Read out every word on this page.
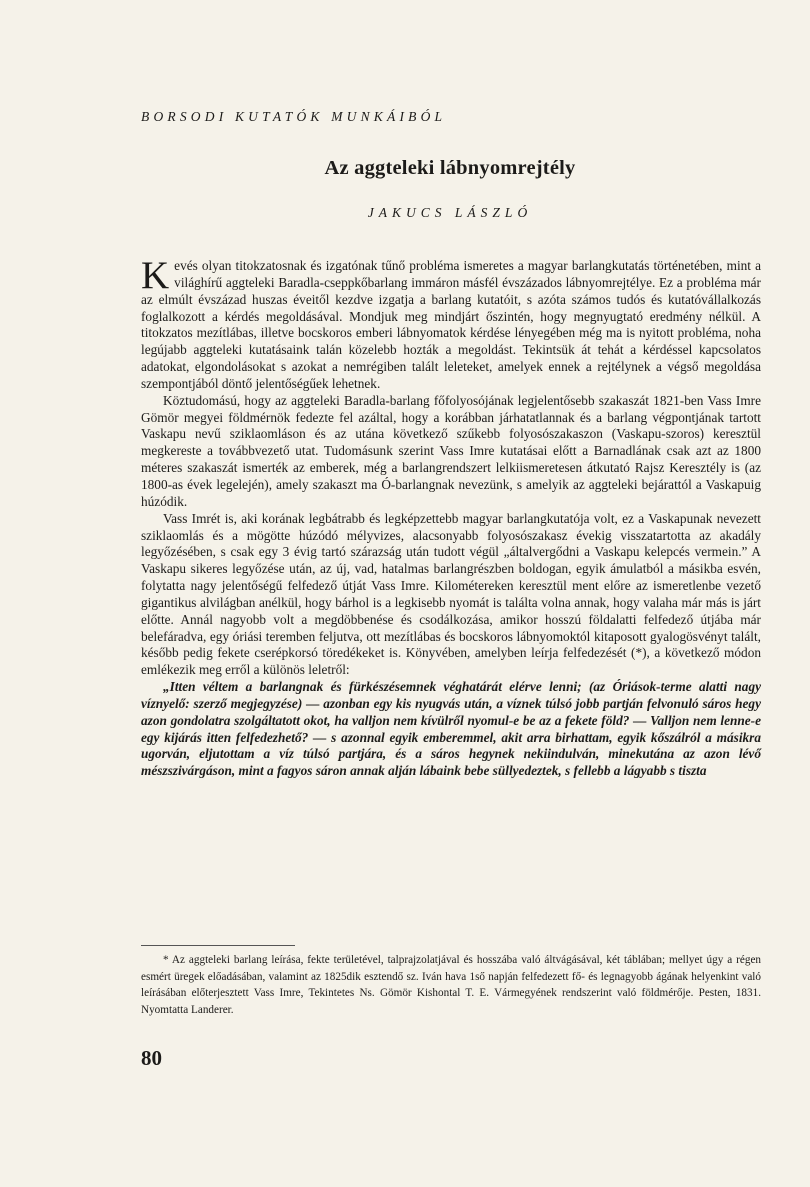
BORSODI KUTATÓK MUNKÁIBÓL
Az aggteleki lábnyomrejtély
JAKUCS LÁSZLÓ

Kevés olyan titokzatosnak és izgatónak tűnő probléma ismeretes a magyar barlangkutatás történetében, mint a világhírű aggteleki Baradla-cseppkőbarlang immáron másfél évszázados lábnyomrejtélye. Ez a probléma már az elmúlt évszázad huszas éveitől kezdve izgatja a barlang kutatóit, s azóta számos tudós és kutatóvállalkozás foglalkozott a kérdés megoldásával. Mondjuk meg mindjárt őszintén, hogy megnyugtató eredmény nélkül. A titokzatos mezítlábas, illetve bocskoros emberi lábnyomatok kérdése lényegében még ma is nyitott probléma, noha legújabb aggteleki kutatásaink talán közelebb hozták a megoldást. Tekintsük át tehát a kérdéssel kapcsolatos adatokat, elgondolásokat s azokat a nemrégiben talált leleteket, amelyek ennek a rejtélynek a végső megoldása szempontjából döntő jelentőségűek lehetnek.

Köztudomású, hogy az aggteleki Baradla-barlang főfolyosójának legjelentősebb szakaszát 1821-ben Vass Imre Gömör megyei földmérnök fedezte fel azáltal, hogy a korábban járhatatlannak és a barlang végpontjának tartott Vaskapu nevű sziklaomláson és az utána következő szűkebb folyosószakaszon (Vaskapu-szoros) keresztül megkereste a továbbvezető utat. Tudomásunk szerint Vass Imre kutatásai előtt a Barnadlának csak azt az 1800 méteres szakaszát ismerték az emberek, még a barlangrendszert lelkiismeretesen átkutató Rajsz Keresztély is (az 1800-as évek legelején), amely szakaszt ma Ó-barlangnak nevezünk, s amelyik az aggteleki bejárattól a Vaskapuig húzódik.

Vass Imrét is, aki korának legbátrabb és legképzettebb magyar barlangkutatója volt, ez a Vaskapunak nevezett sziklaomlás és a mögötte húzódó mélyvizes, alacsonyabb folyosószakasz évekig visszatartotta az akadály legyőzésében, s csak egy 3 évig tartó szárazság után tudott végül „általvergődni a Vaskapu kelepcés vermein.” A Vaskapu sikeres legyőzése után, az új, vad, hatalmas barlangrészben boldogan, egyik ámulatból a másikba esvén, folytatta nagy jelentőségű felfedező útját Vass Imre. Kilométereken keresztül ment előre az ismeretlenbe vezető gigantikus alvilágban anélkül, hogy bárhol is a legkisebb nyomát is találta volna annak, hogy valaha már más is járt előtte. Annál nagyobb volt a megdöbbenése és csodálkozása, amikor hosszú földalatti felfedező útjába már belefáradva, egy óriási teremben feljutva, ott mezítlábas és bocskoros lábnyomoktól kitaposott gyalogösvényt talált, később pedig fekete cserépkorsó töredékeket is. Könyvében, amelyben leírja felfedezését (*), a következő módon emlékezik meg erről a különös leletről:

„Itten véltem a barlangnak és fürkészésemnek véghatárát elérve lenni; (az Óriások-terme alatti nagy víznyelő: szerző megjegyzése) — azonban egy kis nyugvás után, a víznek túlsó jobb partján felvonuló sáros hegy azon gondolatra szolgáltatott okot, ha valljon nem kívülről nyomul-e be az a fekete föld? — Valljon nem lenne-e egy kijárás itten felfedezhető? — s azonnal egyik emberemmel, akit arra birhattam, egyik kőszálról a másikra ugorván, eljutottam a víz túlsó partjára, és a sáros hegynek nekiindulván, minekutána az azon lévő mészszivárgáson, mint a fagyos sáron annak alján lábaink bebe süllyedeztek, s fellebb a lágyabb s tiszta

* Az aggteleki barlang leírása, fekte területével, talprajzolatjával és hosszába való áltvágásával, két táblában; mellyet úgy a régen esmért üregek előadásában, valamint az 1825dik esztendő sz. Iván hava 1ső napján felfedezett fő- és legnagyobb ágának helyenkint való leírásában előterjesztett Vass Imre, Tekintetes Ns. Gömör Kishontal T. E. Vármegyének rendszerint való földmérője. Pesten, 1831. Nyomtatta Landerer.

80
